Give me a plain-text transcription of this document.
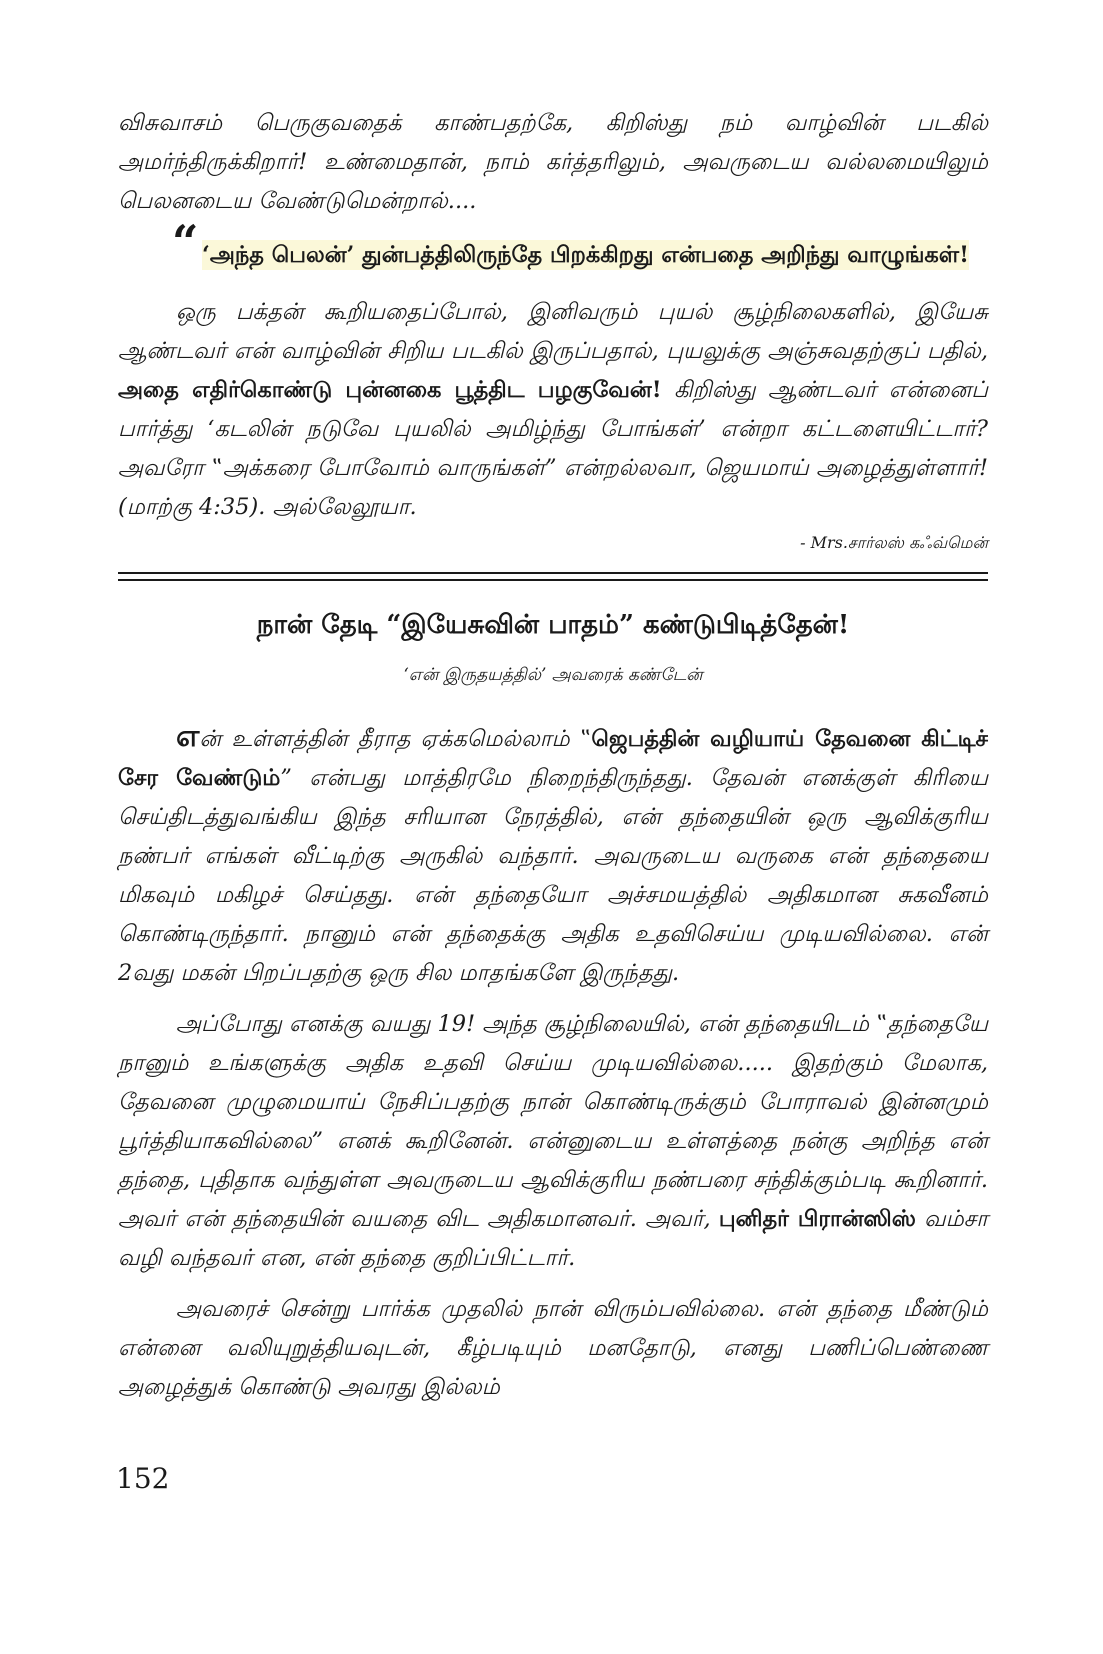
விசுவாசம் பெருகுவதைக் காண்பதற்கே, கிறிஸ்து நம் வாழ்வின் படகில் அமர்ந்திருக்கிறார்! உண்மைதான், நாம் கர்த்தரிலும், அவருடைய வல்லமையிலும் பெலனடைய வேண்டுமென்றால்....

“ ‘அந்த பெலன்’ துன்பத்திலிருந்தே பிறக்கிறது என்பதை அறிந்து வாழுங்கள்!

ஒரு பக்தன் கூறியதைப்போல், இனிவரும் புயல் சூழ்நிலைகளில், இயேசு ஆண்டவர் என் வாழ்வின் சிறிய படகில் இருப்பதால், புயலுக்கு அஞ்சுவதற்குப் பதில், அதை எதிர்கொண்டு புன்னகை பூத்திட பழகுவேன்! கிறிஸ்து ஆண்டவர் என்னைப் பார்த்து ‘கடலின் நடுவே புயலில் அமிழ்ந்து போங்கள்’ என்றா கட்டளையிட்டார்? அவரோ ‟அக்கரை போவோம் வாருங்கள்” என்றல்லவா, ஜெயமாய் அழைத்துள்ளார்! (மாற்கு 4:35). அல்லேலூயா.

- Mrs.சார்லஸ் கஃவ்மென்

நான் தேடி “இயேசுவின் பாதம்” கண்டுபிடித்தேன்!

‘என் இருதயத்தில்’ அவரைக் கண்டேன்

என் உள்ளத்தின் தீராத ஏக்கமெல்லாம் ‟ஜெபத்தின் வழியாய் தேவனை கிட்டிச் சேர வேண்டும்” என்பது மாத்திரமே நிறைந்திருந்தது. தேவன் எனக்குள் கிரியை செய்திடத்துவங்கிய இந்த சரியான நேரத்தில், என் தந்தையின் ஒரு ஆவிக்குரிய நண்பர் எங்கள் வீட்டிற்கு அருகில் வந்தார். அவருடைய வருகை என் தந்தையை மிகவும் மகிழச் செய்தது. என் தந்தையோ அச்சமயத்தில் அதிகமான சுகவீனம் கொண்டிருந்தார். நானும் என் தந்தைக்கு அதிக உதவிசெய்ய முடியவில்லை. என் 2வது மகன் பிறப்பதற்கு ஒரு சில மாதங்களே இருந்தது.

அப்போது எனக்கு வயது 19! அந்த சூழ்நிலையில், என் தந்தையிடம் ‟தந்தையே நானும் உங்களுக்கு அதிக உதவி செய்ய முடியவில்லை..... இதற்கும் மேலாக, தேவனை முழுமையாய் நேசிப்பதற்கு நான் கொண்டிருக்கும் போராவல் இன்னமும் பூர்த்தியாகவில்லை” எனக் கூறினேன். என்னுடைய உள்ளத்தை நன்கு அறிந்த என் தந்தை, புதிதாக வந்துள்ள அவருடைய ஆவிக்குரிய நண்பரை சந்திக்கும்படி கூறினார். அவர் என் தந்தையின் வயதை விட அதிகமானவர். அவர், புனிதர் பிரான்ஸிஸ் வம்சா வழி வந்தவர் என, என் தந்தை குறிப்பிட்டார்.

அவரைச் சென்று பார்க்க முதலில் நான் விரும்பவில்லை. என் தந்தை மீண்டும் என்னை வலியுறுத்தியவுடன், கீழ்படியும் மனதோடு, எனது பணிப்பெண்ணை அழைத்துக் கொண்டு அவரது இல்லம்

152
